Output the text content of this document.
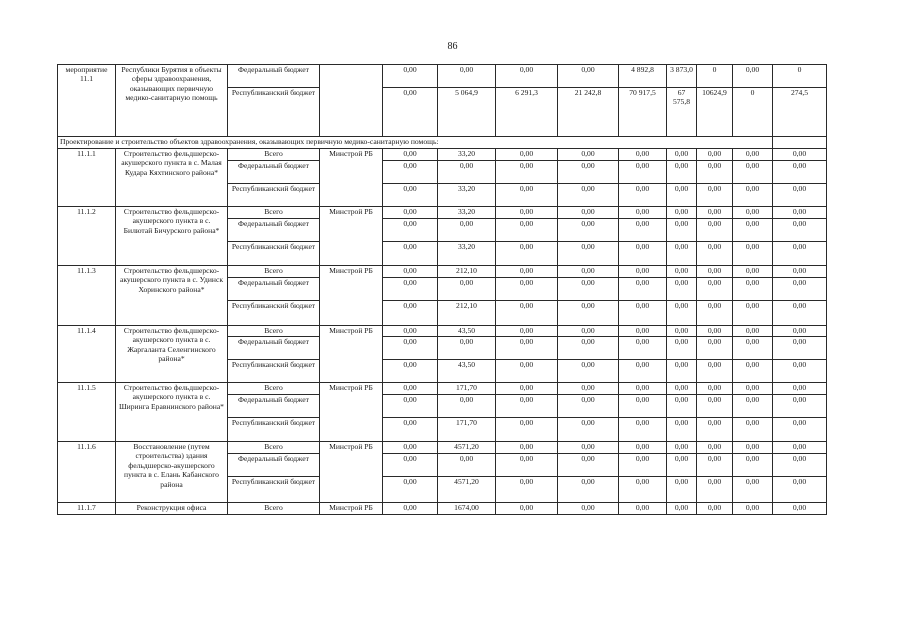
86
мероприятие 11.1	Республики Бурятия в объекты сферы здравоохранения, оказывающих первичную медико-санитарную помощь	Федеральный бюджет		0,00	0,00	0,00	0,00	4 892,8	3 873,0	0	0,00	0
		Республиканский бюджет		0,00	5 064,9	6 291,3	21 242,8	70 917,5	67 575,8	10624,9	0	274,5
Проектирование и строительство объектов здравоохранения, оказывающих первичную медико-санитарную помощь:												
11.1.1	Строительство фельдшерско-акушерского пункта в с. Малая Кудара Кяхтинского района*	Всего	Минстрой РБ	0,00	33,20	0,00	0,00	0,00	0,00	0,00	0,00	0,00
		Федеральный бюджет		0,00	0,00	0,00	0,00	0,00	0,00	0,00	0,00	0,00
		Республиканский бюджет		0,00	33,20	0,00	0,00	0,00	0,00	0,00	0,00	0,00
11.1.2	Строительство фельдшерско-акушерского пункта в с. Билютай Бичурского района*	Всего	Минстрой РБ	0,00	33,20	0,00	0,00	0,00	0,00	0,00	0,00	0,00
		Федеральный бюджет		0,00	0,00	0,00	0,00	0,00	0,00	0,00	0,00	0,00
		Республиканский бюджет		0,00	33,20	0,00	0,00	0,00	0,00	0,00	0,00	0,00
11.1.3	Строительство фельдшерско-акушерского пункта в с. Удинск Хоринского района*	Всего	Минстрой РБ	0,00	212,10	0,00	0,00	0,00	0,00	0,00	0,00	0,00
		Федеральный бюджет		0,00	0,00	0,00	0,00	0,00	0,00	0,00	0,00	0,00
		Республиканский бюджет		0,00	212,10	0,00	0,00	0,00	0,00	0,00	0,00	0,00
11.1.4	Строительство фельдшерско-акушерского пункта в с. Жаргаланта Селенгинского района*	Всего	Минстрой РБ	0,00	43,50	0,00	0,00	0,00	0,00	0,00	0,00	0,00
		Федеральный бюджет		0,00	0,00	0,00	0,00	0,00	0,00	0,00	0,00	0,00
		Республиканский бюджет		0,00	43,50	0,00	0,00	0,00	0,00	0,00	0,00	0,00
11.1.5	Строительство фельдшерско-акушерского пункта в с. Ширинга Еравнинского района*	Всего	Минстрой РБ	0,00	171,70	0,00	0,00	0,00	0,00	0,00	0,00	0,00
		Федеральный бюджет		0,00	0,00	0,00	0,00	0,00	0,00	0,00	0,00	0,00
		Республиканский бюджет		0,00	171,70	0,00	0,00	0,00	0,00	0,00	0,00	0,00
11.1.6	Восстановление (путем строительства) здания фельдшерско-акушерского пункта в с. Елань Кабанского района	Всего	Минстрой РБ	0,00	4571,20	0,00	0,00	0,00	0,00	0,00	0,00	0,00
		Федеральный бюджет		0,00	0,00	0,00	0,00	0,00	0,00	0,00	0,00	0,00
		Республиканский бюджет		0,00	4571,20	0,00	0,00	0,00	0,00	0,00	0,00	0,00
11.1.7	Реконструкция офиса	Всего	Минстрой РБ	0,00	1674,00	0,00	0,00	0,00	0,00	0,00	0,00	0,00
